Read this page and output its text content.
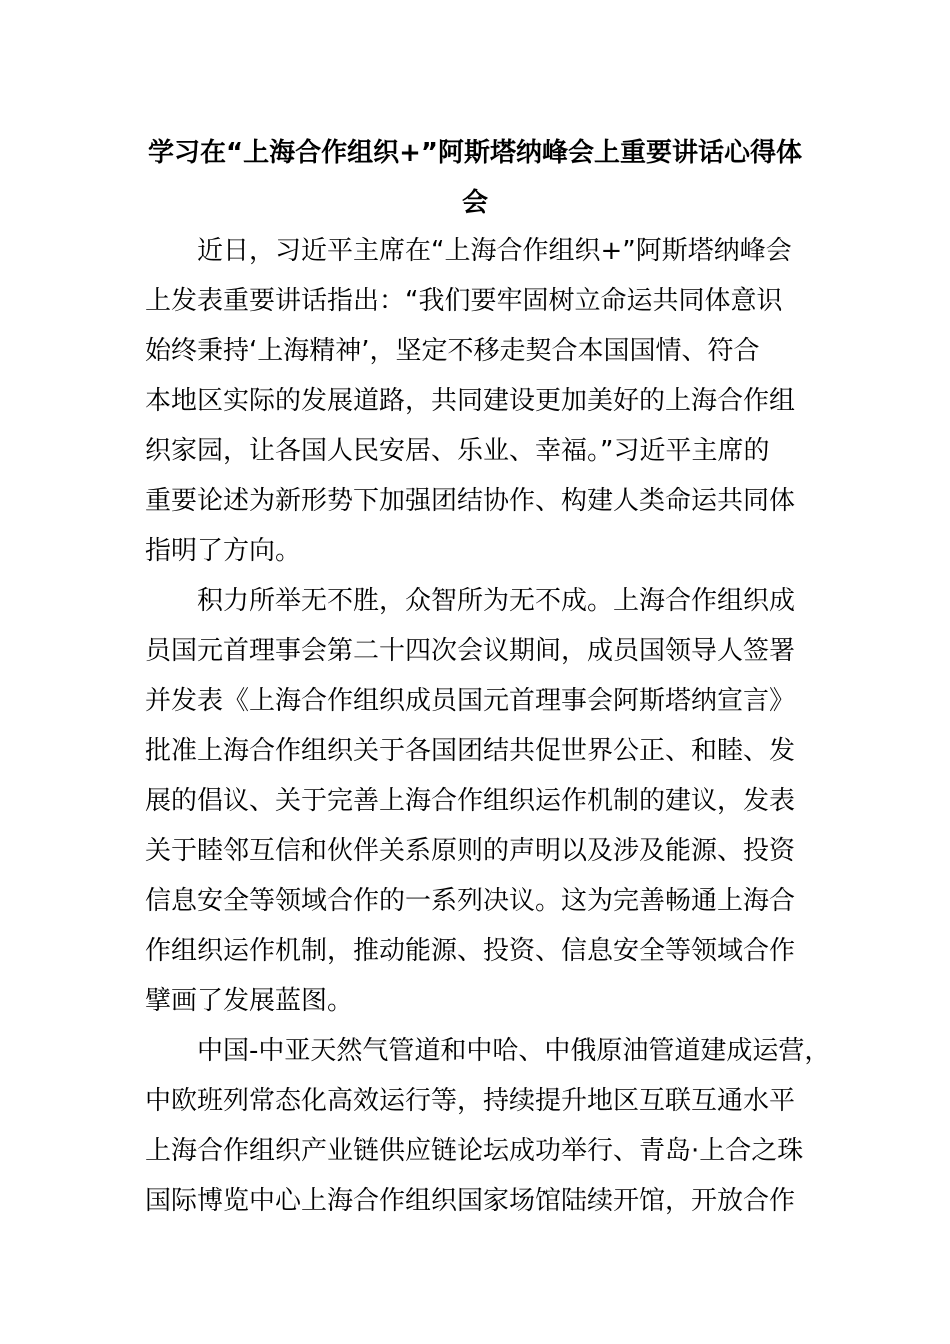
学习在“上海合作组织+”阿斯塔纳峰会上重要讲话心得体
会
近日，习近平主席在“上海合作组织+”阿斯塔纳峰会
上发表重要讲话指出：“我们要牢固树立命运共同体意识
始终秉持‘上海精神’，坚定不移走契合本国国情、符合
本地区实际的发展道路，共同建设更加美好的上海合作组
织家园，让各国人民安居、乐业、幸福。”习近平主席的
重要论述为新形势下加强团结协作、构建人类命运共同体
指明了方向。
积力所举无不胜，众智所为无不成。上海合作组织成
员国元首理事会第二十四次会议期间，成员国领导人签署
并发表《上海合作组织成员国元首理事会阿斯塔纳宣言》
批准上海合作组织关于各国团结共促世界公正、和睦、发
展的倡议、关于完善上海合作组织运作机制的建议，发表
关于睦邻互信和伙伴关系原则的声明以及涉及能源、投资
信息安全等领域合作的一系列决议。这为完善畅通上海合
作组织运作机制，推动能源、投资、信息安全等领域合作
擘画了发展蓝图。
中国-中亚天然气管道和中哈、中俄原油管道建成运营，
中欧班列常态化高效运行等，持续提升地区互联互通水平
上海合作组织产业链供应链论坛成功举行、青岛·上合之珠
国际博览中心上海合作组织国家场馆陆续开馆，开放合作
